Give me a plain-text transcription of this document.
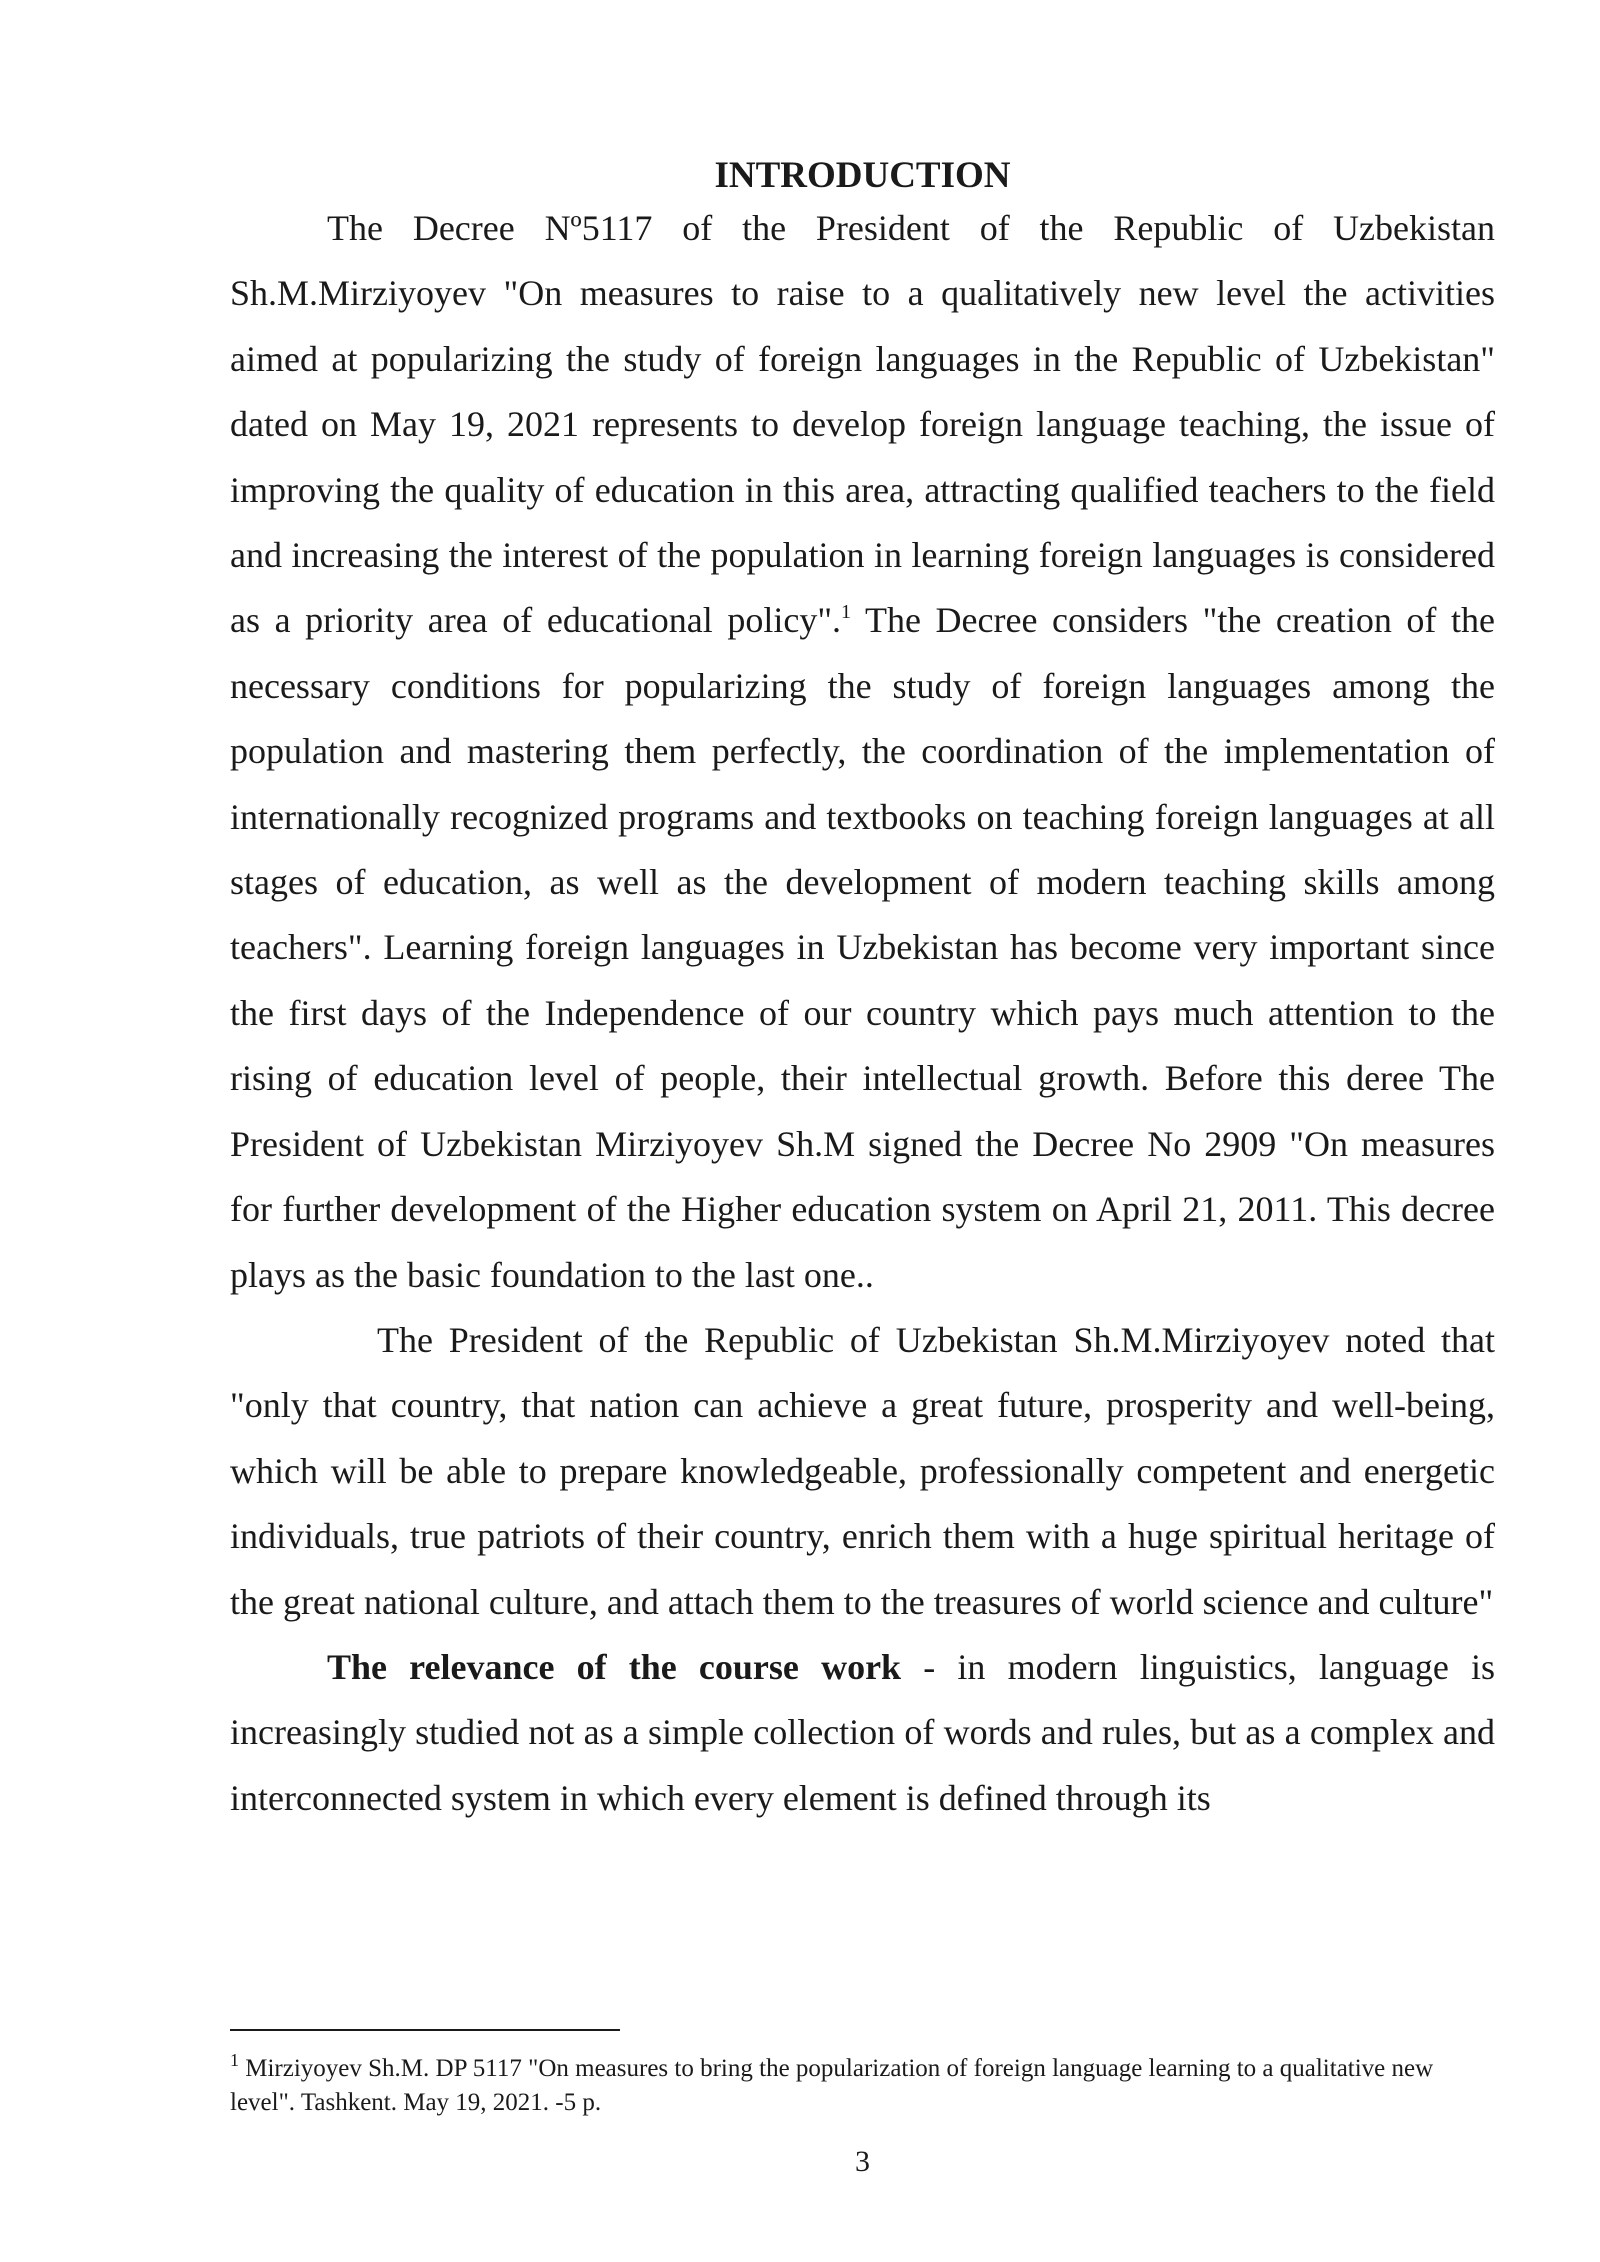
INTRODUCTION

The Decree Nº5117 of the President of the Republic of Uzbekistan Sh.M.Mirziyoyev "On measures to raise to a qualitatively new level the activities aimed at popularizing the study of foreign languages in the Republic of Uzbekistan" dated on May 19, 2021 represents to develop foreign language teaching, the issue of improving the quality of education in this area, attracting qualified teachers to the field and increasing the interest of the population in learning foreign languages is considered as a priority area of educational policy".$^1$ The Decree considers "the creation of the necessary conditions for popularizing the study of foreign languages among the population and mastering them perfectly, the coordination of the implementation of internationally recognized programs and textbooks on teaching foreign languages at all stages of education, as well as the development of modern teaching skills among teachers". Learning foreign languages in Uzbekistan has become very important since the first days of the Independence of our country which pays much attention to the rising of education level of people, their intellectual growth. Before this deree The President of Uzbekistan Mirziyoyev Sh.M signed the Decree No 2909 "On measures for further development of the Higher education system on April 21, 2011. This decree plays as the basic foundation to the last one..

The President of the Republic of Uzbekistan Sh.M.Mirziyoyev noted that "only that country, that nation can achieve a great future, prosperity and well-being, which will be able to prepare knowledgeable, professionally competent and energetic individuals, true patriots of their country, enrich them with a huge spiritual heritage of the great national culture, and attach them to the treasures of world science and culture"

The relevance of the course work - in modern linguistics, language is increasingly studied not as a simple collection of words and rules, but as a complex and interconnected system in which every element is defined through its

$^1$ Mirziyoyev Sh.M. DP 5117 "On measures to bring the popularization of foreign language learning to a qualitative new level". Tashkent. May 19, 2021. -5 p.

3
